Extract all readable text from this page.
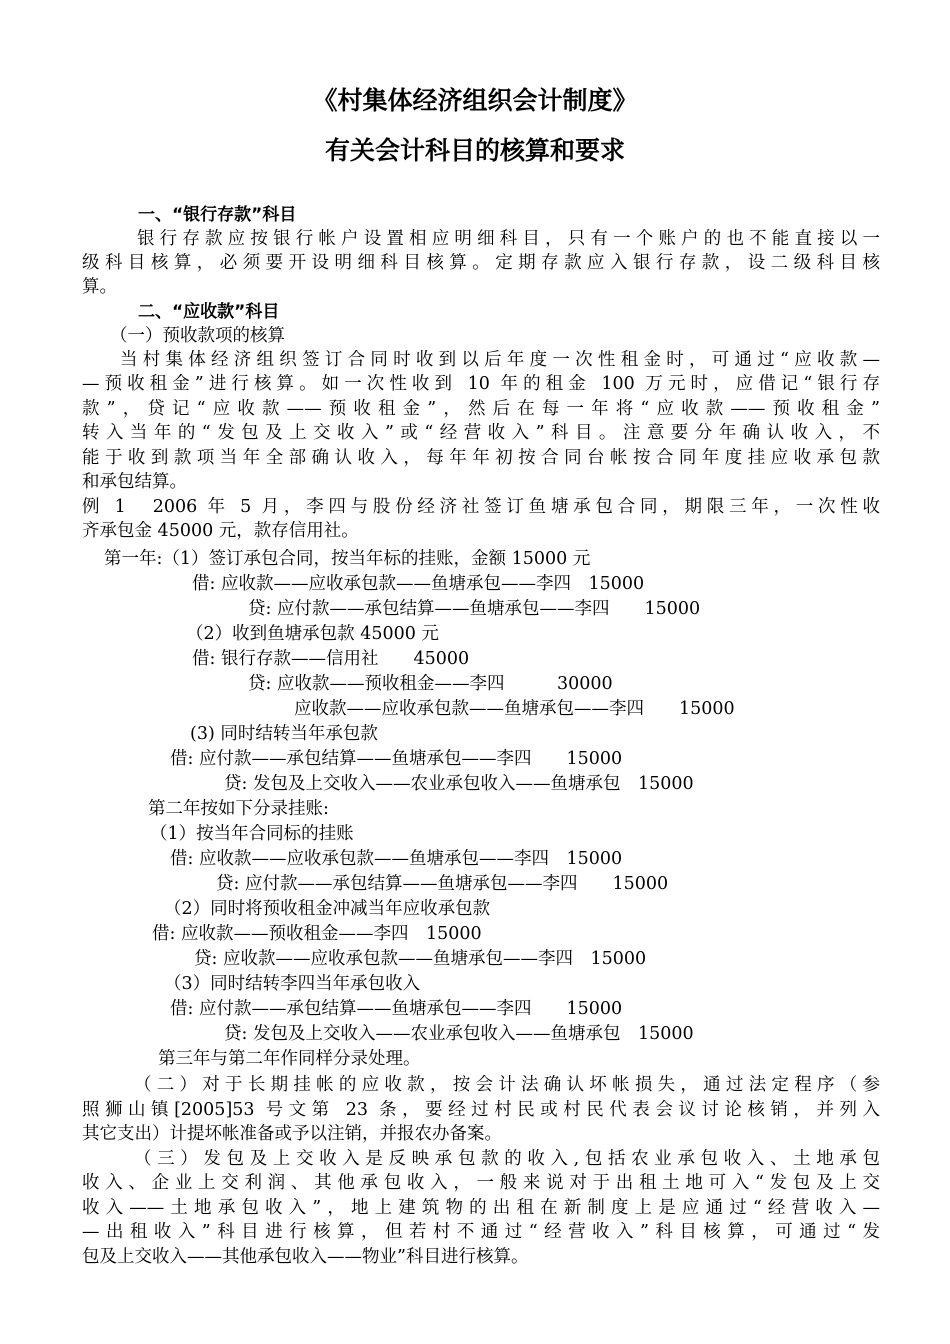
《村集体经济组织会计制度》
有关会计科目的核算和要求
一、“银行存款”科目
银行存款应按银行帐户设置相应明细科目，只有一个账户的也不能直接以一
级科目核算，必须要开设明细科目核算。定期存款应入银行存款，设二级科目核
算。
二、“应收款”科目
（一）预收款项的核算
当村集体经济组织签订合同时收到以后年度一次性租金时，可通过“应收款—
—预收租金”进行核算。如一次性收到 10 年的租金 100 万元时，应借记“银行存
款”，贷记“应收款——预收租金”，然后在每一年将“应收款——预收租金”
转入当年的“发包及上交收入”或“经营收入”科目。注意要分年确认收入，不
能于收到款项当年全部确认收入，每年年初按合同台帐按合同年度挂应收承包款
和承包结算。
例 1　2006 年 5 月，李四与股份经济社签订鱼塘承包合同，期限三年，一次性收
齐承包金 45000 元，款存信用社。
第一年:（1）签订承包合同，按当年标的挂账，金额 15000 元
借: 应收款——应收承包款——鱼塘承包——李四　15000
贷: 应付款——承包结算——鱼塘承包——李四　　15000
（2）收到鱼塘承包款 45000 元
借: 银行存款——信用社　　45000
贷: 应收款——预收租金——李四　　　30000
应收款——应收承包款——鱼塘承包——李四　　15000
(3) 同时结转当年承包款
借: 应付款——承包结算——鱼塘承包——李四　　15000
贷: 发包及上交收入——农业承包收入——鱼塘承包　15000
第二年按如下分录挂账:
（1）按当年合同标的挂账
借: 应收款——应收承包款——鱼塘承包——李四　15000
贷: 应付款——承包结算——鱼塘承包——李四　　15000
（2）同时将预收租金冲减当年应收承包款
借: 应收款——预收租金——李四　15000
贷: 应收款——应收承包款——鱼塘承包——李四　15000
（3）同时结转李四当年承包收入
借: 应付款——承包结算——鱼塘承包——李四　　15000
贷: 发包及上交收入——农业承包收入——鱼塘承包　15000
第三年与第二年作同样分录处理。
（二）对于长期挂帐的应收款，按会计法确认坏帐损失，通过法定程序（参
照狮山镇[2005]53 号文第 23 条，要经过村民或村民代表会议讨论核销，并列入
其它支出）计提坏帐准备或予以注销，并报农办备案。
（三）发包及上交收入是反映承包款的收入,包括农业承包收入、土地承包
收入、企业上交利润、其他承包收入，一般来说对于出租土地可入“发包及上交
收入——土地承包收入”，地上建筑物的出租在新制度上是应通过“经营收入—
—出租收入”科目进行核算，但若村不通过“经营收入”科目核算，可通过“发
包及上交收入——其他承包收入——物业”科目进行核算。
